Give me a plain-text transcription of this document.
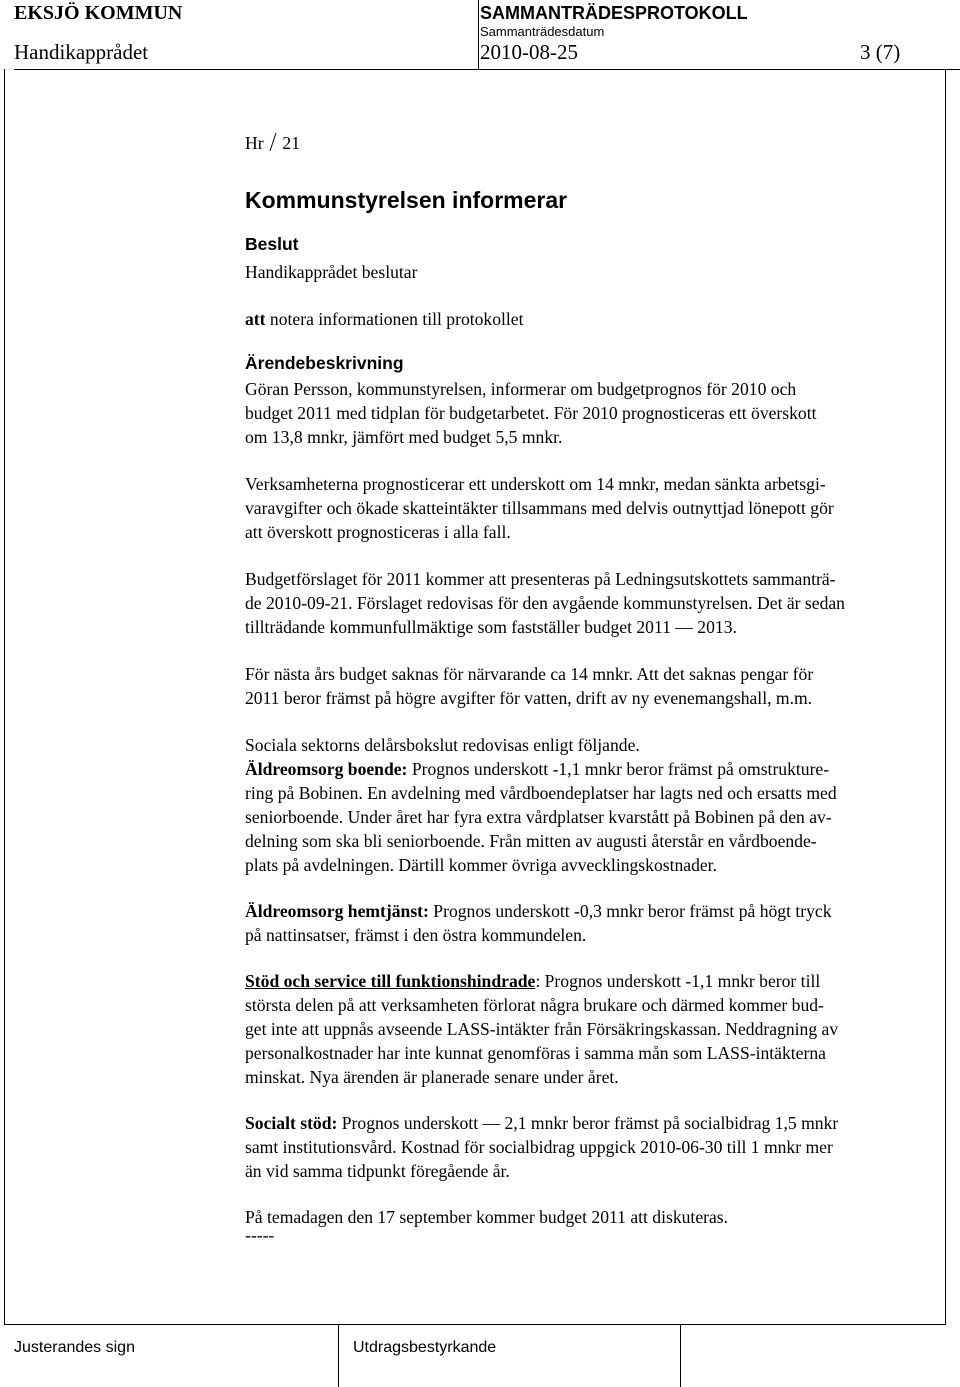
EKSJÖ KOMMUN	SAMMANTRÄDESPROTOKOLL
Sammanträdesdatum
Handikapprådet	2010-08-25	3 (7)

Hr 21

Kommunstyrelsen informerar
Beslut

Handikapprådet beslutar

att notera informationen till protokollet

Ärendebeskrivning

Göran Persson, kommunstyrelsen, informerar om budgetprognos för 2010 och
budget 2011 med tidplan för budgetarbetet. För 2010 prognosticeras ett överskott
om 13,8 mnkr, jämfört med budget 5,5 mnkr.

Verksamheterna prognosticerar ett underskott om 14 mnkr, medan sänkta arbetsgi-
varavgifter och ökade skatteintäkter tillsammans med delvis outnyttjad lönepott gör
att överskott prognosticeras i alla fall.

Budgetförslaget för 2011 kommer att presenteras på Ledningsutskottets sammanträ-
de 2010-09-21. Förslaget redovisas för den avgående kommunstyrelsen. Det är sedan
tillträdande kommunfullmäktige som fastställer budget 2011 — 2013.

För nästa års budget saknas för närvarande ca 14 mnkr. Att det saknas pengar för
2011 beror främst på högre avgifter för vatten, drift av ny evenemangshall, m.m.

Sociala sektorns delårsbokslut redovisas enligt följande.
Äldreomsorg boende: Prognos underskott -1,1 mnkr beror främst på omstrukture-
ring på Bobinen. En avdelning med vårdboendeplatser har lagts ned och ersatts med
seniorboende. Under året har fyra extra vårdplatser kvarstått på Bobinen på den av-
delning som ska bli seniorboende. Från mitten av augusti återstår en vårdboende-
plats på avdelningen. Därtill kommer övriga avvecklingskostnader.

Äldreomsorg hemtjänst: Prognos underskott -0,3 mnkr beror främst på högt tryck
på nattinsatser, främst i den östra kommundelen.

Stöd och service till funktionshindrade: Prognos underskott -1,1 mnkr beror till
största delen på att verksamheten förlorat några brukare och därmed kommer bud-
get inte att uppnås avseende LASS-intäkter från Försäkringskassan. Neddragning av
personalkostnader har inte kunnat genomföras i samma mån som LASS-intäkterna
minskat. Nya ärenden är planerade senare under året.

Socialt stöd: Prognos underskott — 2,1 mnkr beror främst på socialbidrag 1,5 mnkr
samt institutionsvård. Kostnad för socialbidrag uppgick 2010-06-30 till 1 mnkr mer
än vid samma tidpunkt föregående år.

På temadagen den 17 september kommer budget 2011 att diskuteras.
-----

Justerandes sign	Utdragsbestyrkande
